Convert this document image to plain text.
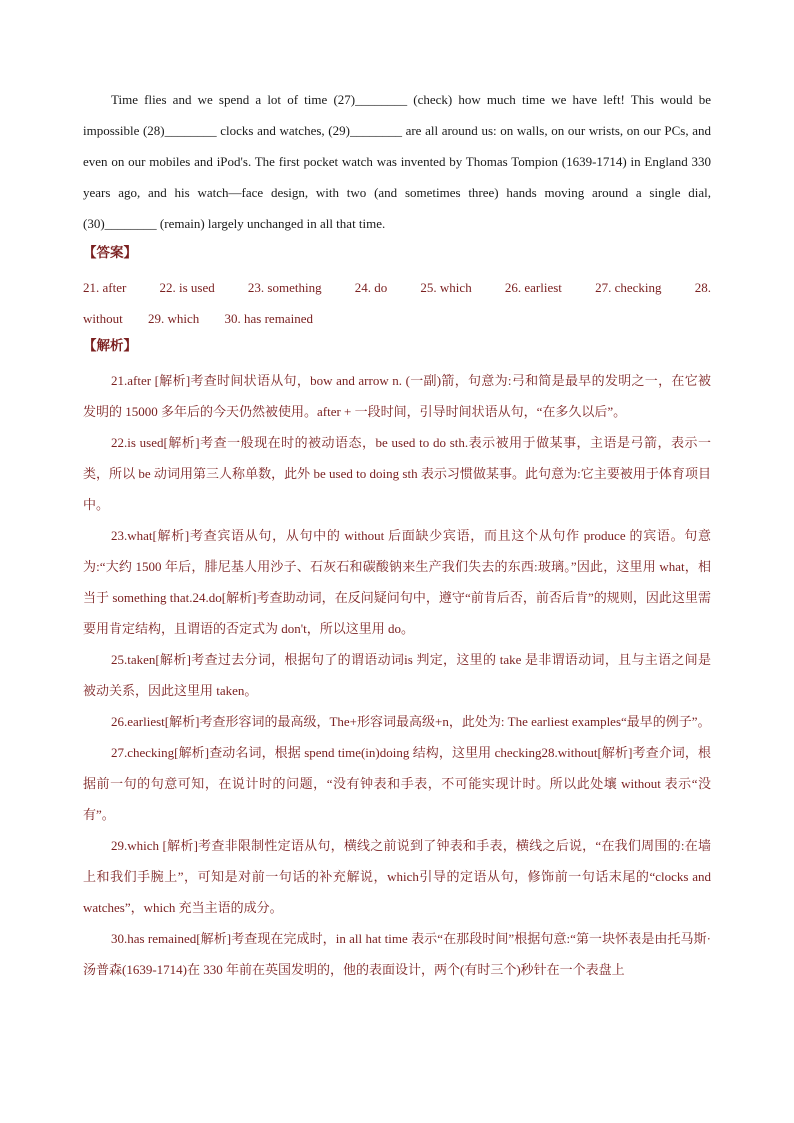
Time flies and we spend a lot of time (27)________ (check) how much time we have left! This would be impossible (28)________ clocks and watches, (29)________ are all around us: on walls, on our wrists, on our PCs, and even on our mobiles and iPod's. The first pocket watch was invented by Thomas Tompion (1639-1714) in England 330 years ago, and his watch—face design, with two (and sometimes three) hands moving around a single dial, (30)________ (remain) largely unchanged in all that time.

【答案】
21. after	22. is used	23. something	24. do	25. which	26. earliest	27. checking	28.
without 29. which 30. has remained
【解析】

21.after [解析]考查时间状语从句，bow and arrow n. (一副)箭，句意为:弓和简是最早的发明之一，在它被发明的 15000 多年后的今天仍然被使用。after + 一段时间，引导时间状语从句，“在多久以后”。

22.is used[解析]考查一般现在时的被动语态，be used to do sth.表示被用于做某事，主语是弓箭，表示一类，所以 be 动词用第三人称单数，此外 be used to doing sth 表示习惯做某事。此句意为:它主要被用于体育项目中。

23.what[解析]考查宾语从句，从句中的 without 后面缺少宾语，而且这个从句作 produce 的宾语。句意为:“大约 1500 年后，腓尼基人用沙子、石灰石和碳酸钠来生产我们失去的东西:玻璃。”因此，这里用 what，相当于 something that.24.do[解析]考查助动词，在反问疑问句中，遵守“前肯后否，前否后肯”的规则，因此这里需要用肯定结构，且谓语的否定式为 don't，所以这里用 do。

25.taken[解析]考查过去分词，根据句了的谓语动词is 判定，这里的 take 是非谓语动词，且与主语之间是被动关系，因此这里用 taken。

26.earliest[解析]考查形容词的最高级，The+形容词最高级+n，此处为: The earliest examples“最早的例子”。

27.checking[解析]查动名词，根据 spend time(in)doing 结构，这里用 checking28.without[解析]考查介词，根据前一句的句意可知，在说计时的问题，“没有钟表和手表，不可能实现计时。所以此处壤 without 表示“没有”。

29.which [解析]考查非限制性定语从句，横线之前说到了钟表和手表，横线之后说，“在我们周围的:在墙上和我们手腕上”，可知是对前一句话的补充解说，which引导的定语从句，修饰前一句话末尾的“clocks and watches”，which 充当主语的成分。

30.has remained[解析]考查现在完成时，in all hat time 表示“在那段时间”根据句意:“第一块怀表是由托马斯·汤普森(1639-1714)在 330 年前在英国发明的，他的表面设计，两个(有时三个)秒针在一个表盘上
